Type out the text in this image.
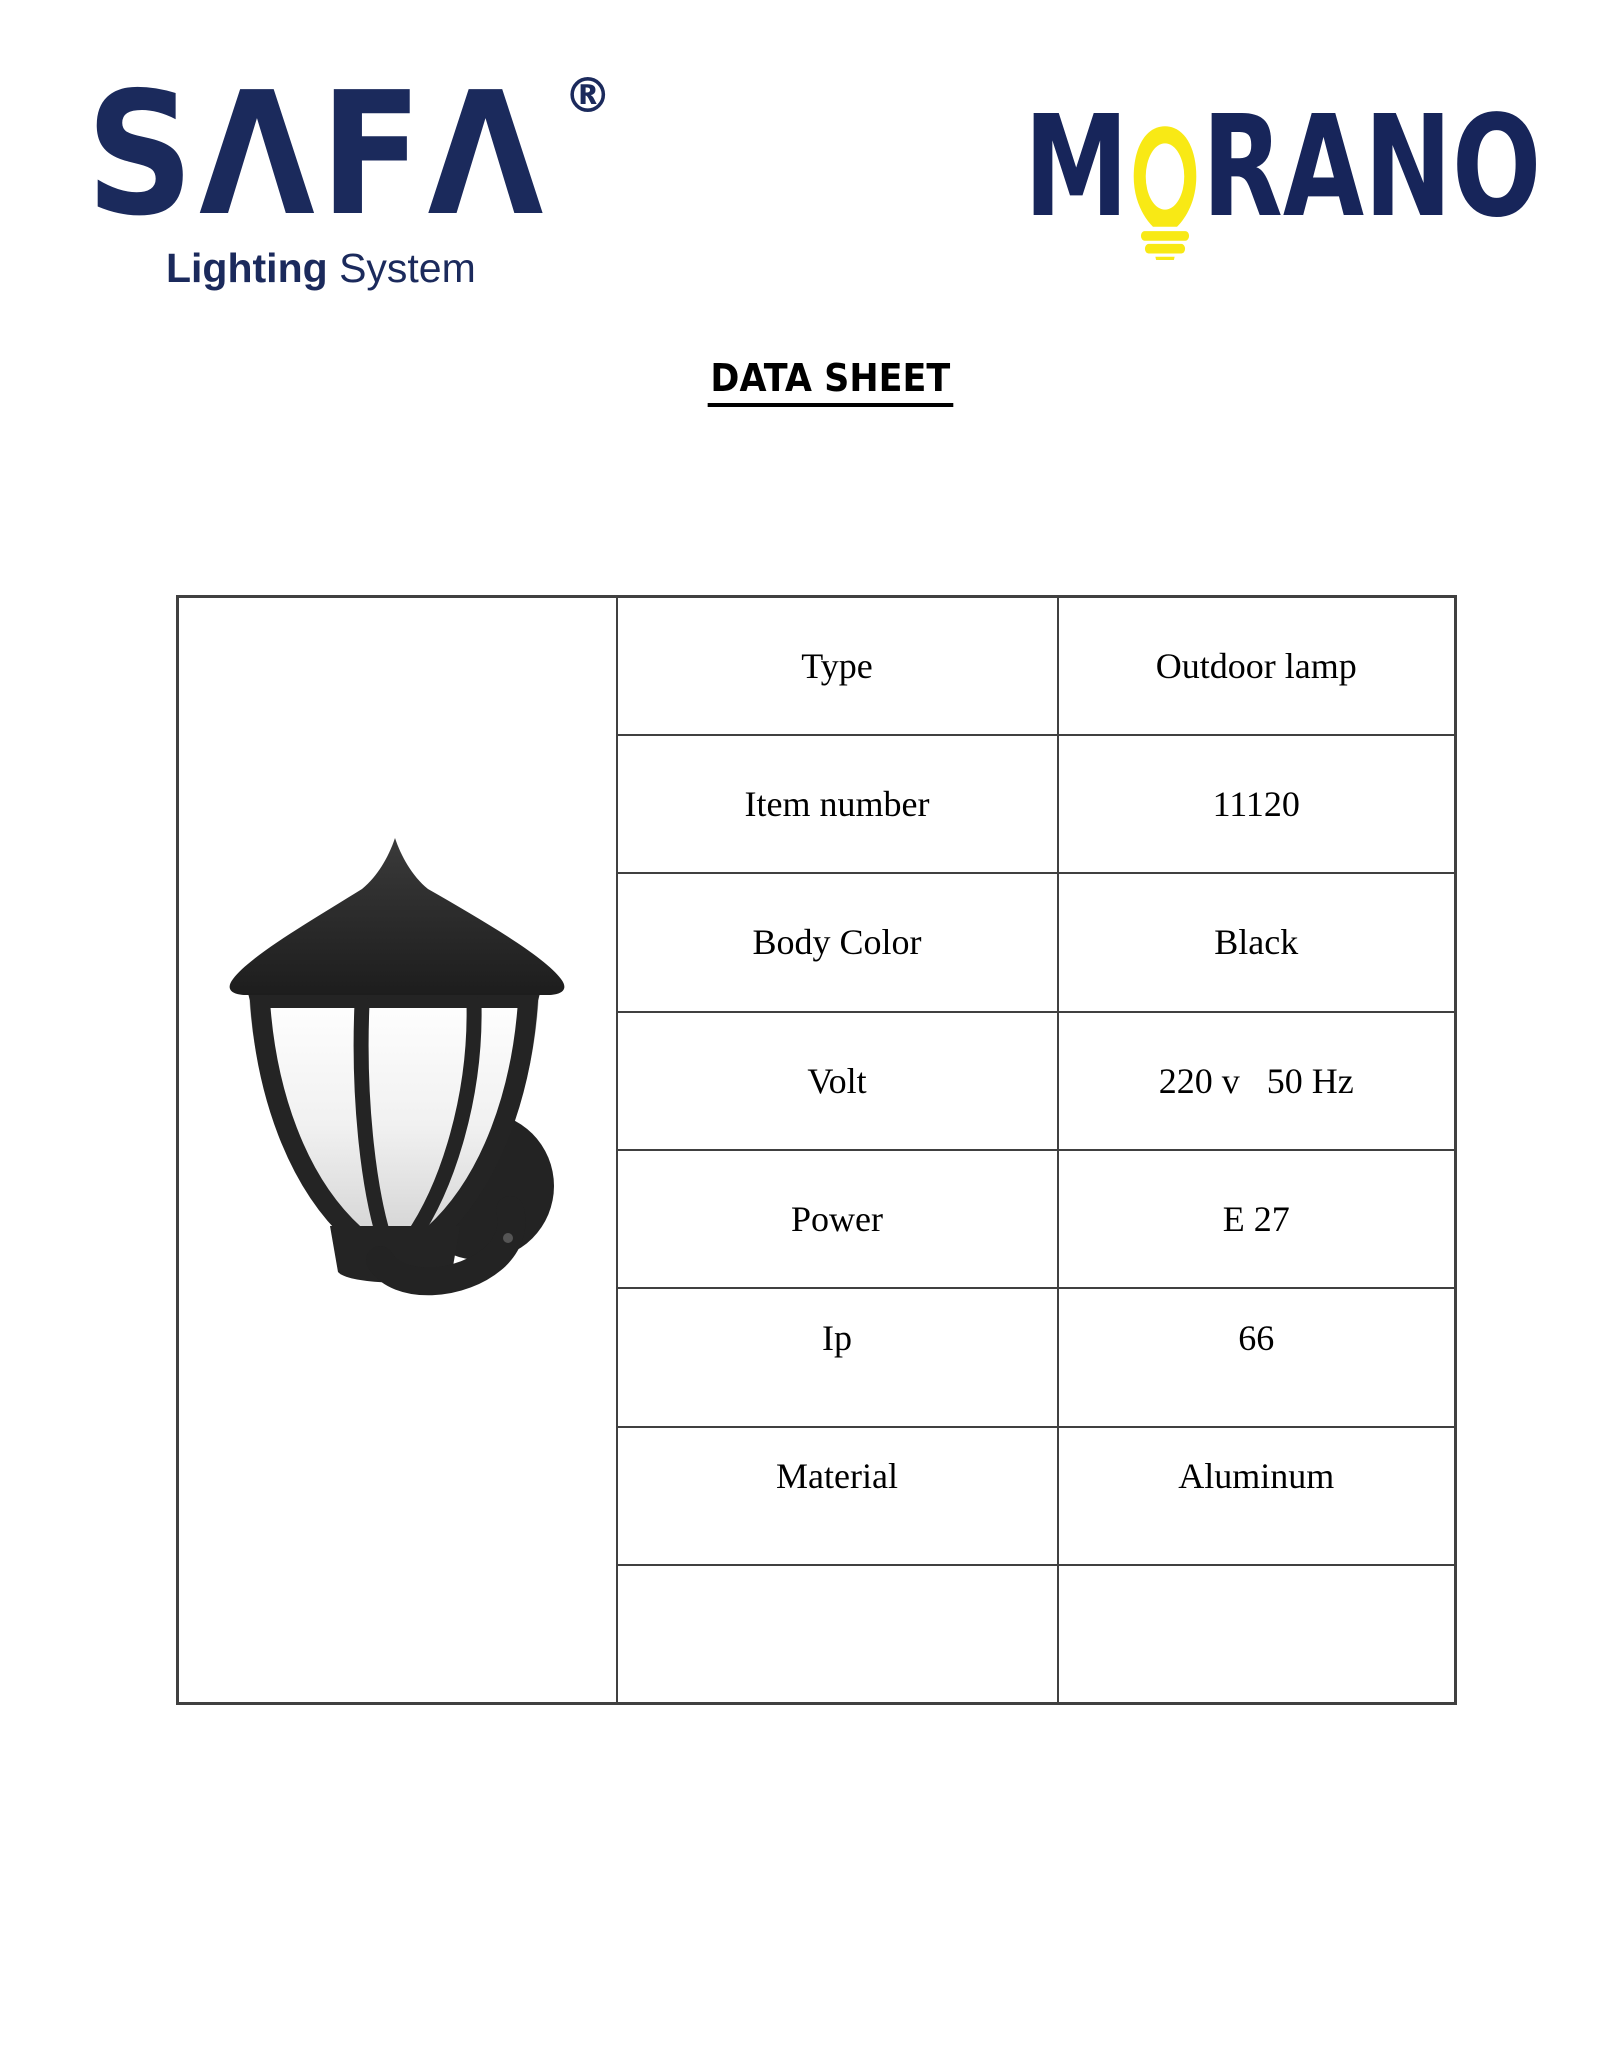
SΛFΛ ®
Lighting System
M RANO
DATA SHEET

Type	Outdoor lamp

	Item number	11120

	Body Color	Black

	Volt	220 v   50 Hz

	Power	E 27

	Ip	66

	Material	Aluminum
